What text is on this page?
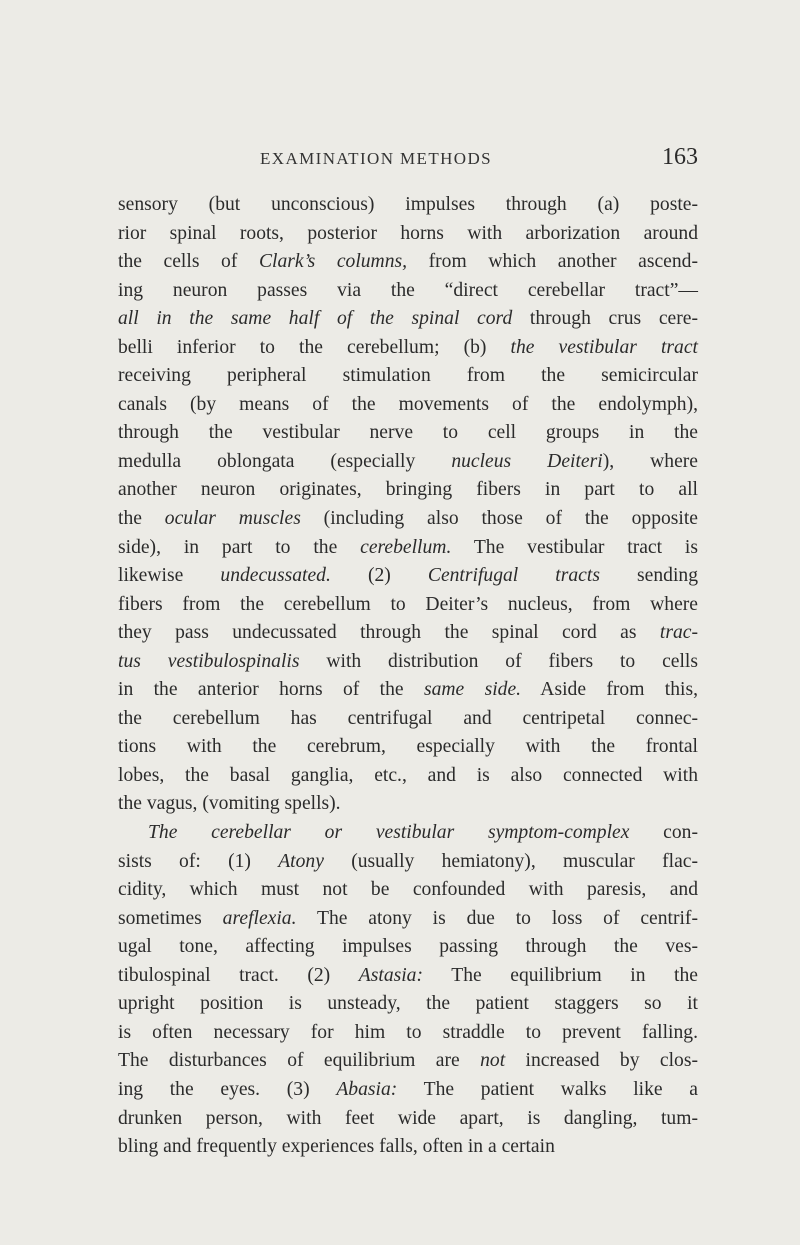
EXAMINATION METHODS	163
sensory (but unconscious) impulses through (a) poste-
rior spinal roots, posterior horns with arborization around
the cells of Clark’s columns, from which another ascend-
ing neuron passes via the “direct cerebellar tract”—
all in the same half of the spinal cord through crus cere-
belli inferior to the cerebellum; (b) the vestibular tract
receiving peripheral stimulation from the semicircular
canals (by means of the movements of the endolymph),
through the vestibular nerve to cell groups in the
medulla oblongata (especially nucleus Deiteri), where
another neuron originates, bringing fibers in part to all
the ocular muscles (including also those of the opposite
side), in part to the cerebellum. The vestibular tract is
likewise undecussated. (2) Centrifugal tracts sending
fibers from the cerebellum to Deiter’s nucleus, from where
they pass undecussated through the spinal cord as trac-
tus vestibulospinalis with distribution of fibers to cells
in the anterior horns of the same side. Aside from this,
the cerebellum has centrifugal and centripetal connec-
tions with the cerebrum, especially with the frontal
lobes, the basal ganglia, etc., and is also connected with
the vagus, (vomiting spells).
The cerebellar or vestibular symptom-complex con-
sists of: (1) Atony (usually hemiatony), muscular flac-
cidity, which must not be confounded with paresis, and
sometimes areflexia. The atony is due to loss of centrif-
ugal tone, affecting impulses passing through the ves-
tibulospinal tract. (2) Astasia: The equilibrium in the
upright position is unsteady, the patient staggers so it
is often necessary for him to straddle to prevent falling.
The disturbances of equilibrium are not increased by clos-
ing the eyes. (3) Abasia: The patient walks like a
drunken person, with feet wide apart, is dangling, tum-
bling and frequently experiences falls, often in a certain
